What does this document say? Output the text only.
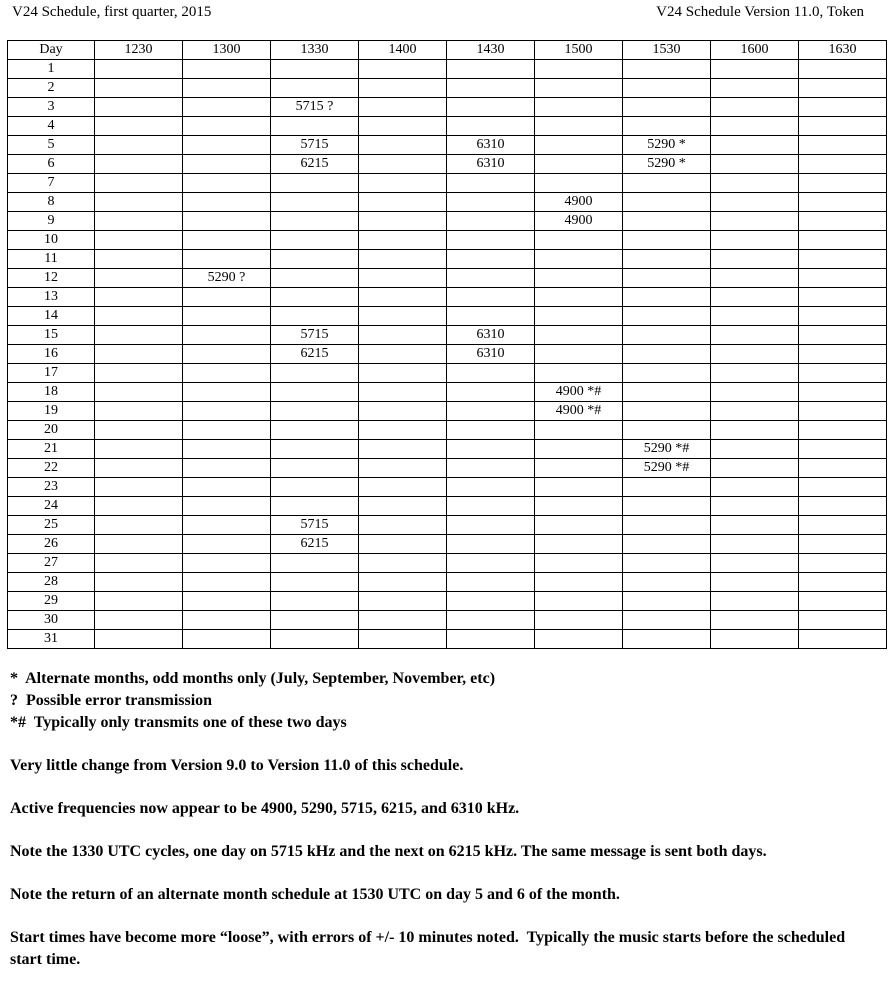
V24 Schedule, first quarter, 2015	V24 Schedule Version 11.0, Token
Day	1230	1300	1330	1400	1430	1500	1530	1600	1630
1									
2									
3			5715 ?						
4									
5			5715		6310		5290 *		
6			6215		6310		5290 *		
7									
8						4900			
9						4900			
10									
11									
12		5290 ?							
13									
14									
15			5715		6310				
16			6215		6310				
17									
18						4900 *#			
19						4900 *#			
20									
21							5290 *#		
22							5290 *#		
23									
24									
25			5715						
26			6215						
27									
28									
29									
30									
31									

*  Alternate months, odd months only (July, September, November, etc)

?  Possible error transmission

*#  Typically only transmits one of these two days

Very little change from Version 9.0 to Version 11.0 of this schedule.

Active frequencies now appear to be 4900, 5290, 5715, 6215, and 6310 kHz.

Note the 1330 UTC cycles, one day on 5715 kHz and the next on 6215 kHz. The same message is sent both days.

Note the return of an alternate month schedule at 1530 UTC on day 5 and 6 of the month.

Start times have become more “loose”, with errors of +/- 10 minutes noted.  Typically the music starts before the scheduled start time.
